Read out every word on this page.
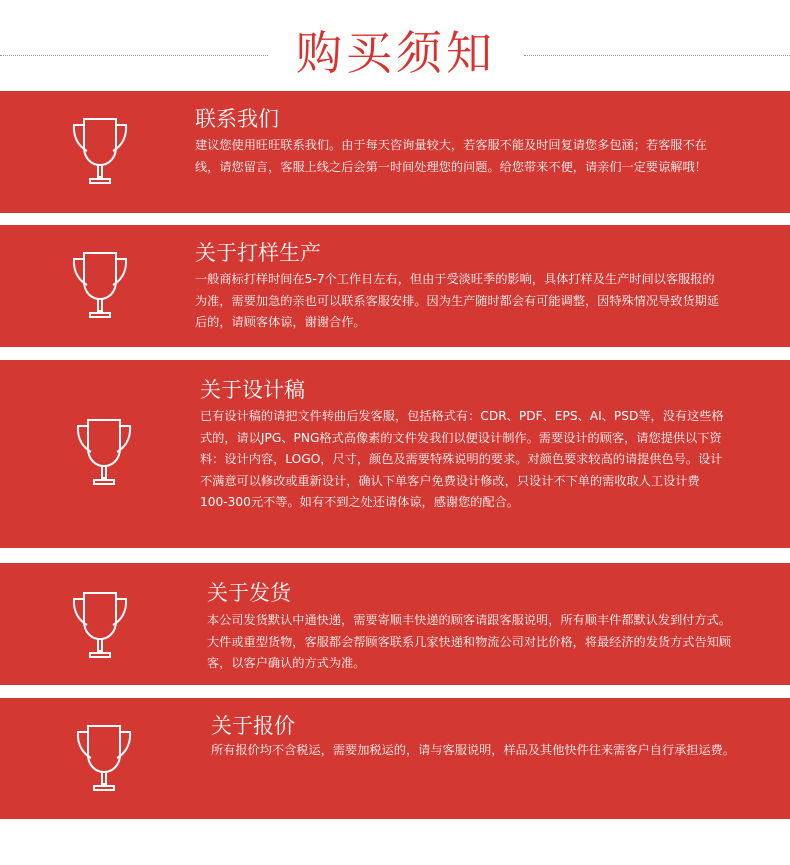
购买须知
联系我们

建议您使用旺旺联系我们。由于每天咨询量较大，若客服不能及时回复请您多包涵；若客服不在线，请您留言，客服上线之后会第一时间处理您的问题。给您带来不便，请亲们一定要谅解哦！

关于打样生产

一般商标打样时间在5-7个工作日左右，但由于受淡旺季的影响，具体打样及生产时间以客服报的为准，需要加急的亲也可以联系客服安排。因为生产随时都会有可能调整，因特殊情况导致货期延后的，请顾客体谅，谢谢合作。

关于设计稿

已有设计稿的请把文件转曲后发客服，包括格式有：CDR、PDF、EPS、AI、PSD等，没有这些格式的，请以JPG、PNG格式高像素的文件发我们以便设计制作。需要设计的顾客，请您提供以下资料：设计内容，LOGO，尺寸，颜色及需要特殊说明的要求。对颜色要求较高的请提供色号。设计不满意可以修改或重新设计，确认下单客户免费设计修改，只设计不下单的需收取人工设计费100-300元不等。如有不到之处还请体谅，感谢您的配合。

关于发货

本公司发货默认中通快递，需要寄顺丰快递的顾客请跟客服说明，所有顺丰件都默认发到付方式。大件或重型货物，客服都会帮顾客联系几家快递和物流公司对比价格，将最经济的发货方式告知顾客，以客户确认的方式为准。

关于报价

所有报价均不含税运，需要加税运的，请与客服说明，样品及其他快件往来需客户自行承担运费。
